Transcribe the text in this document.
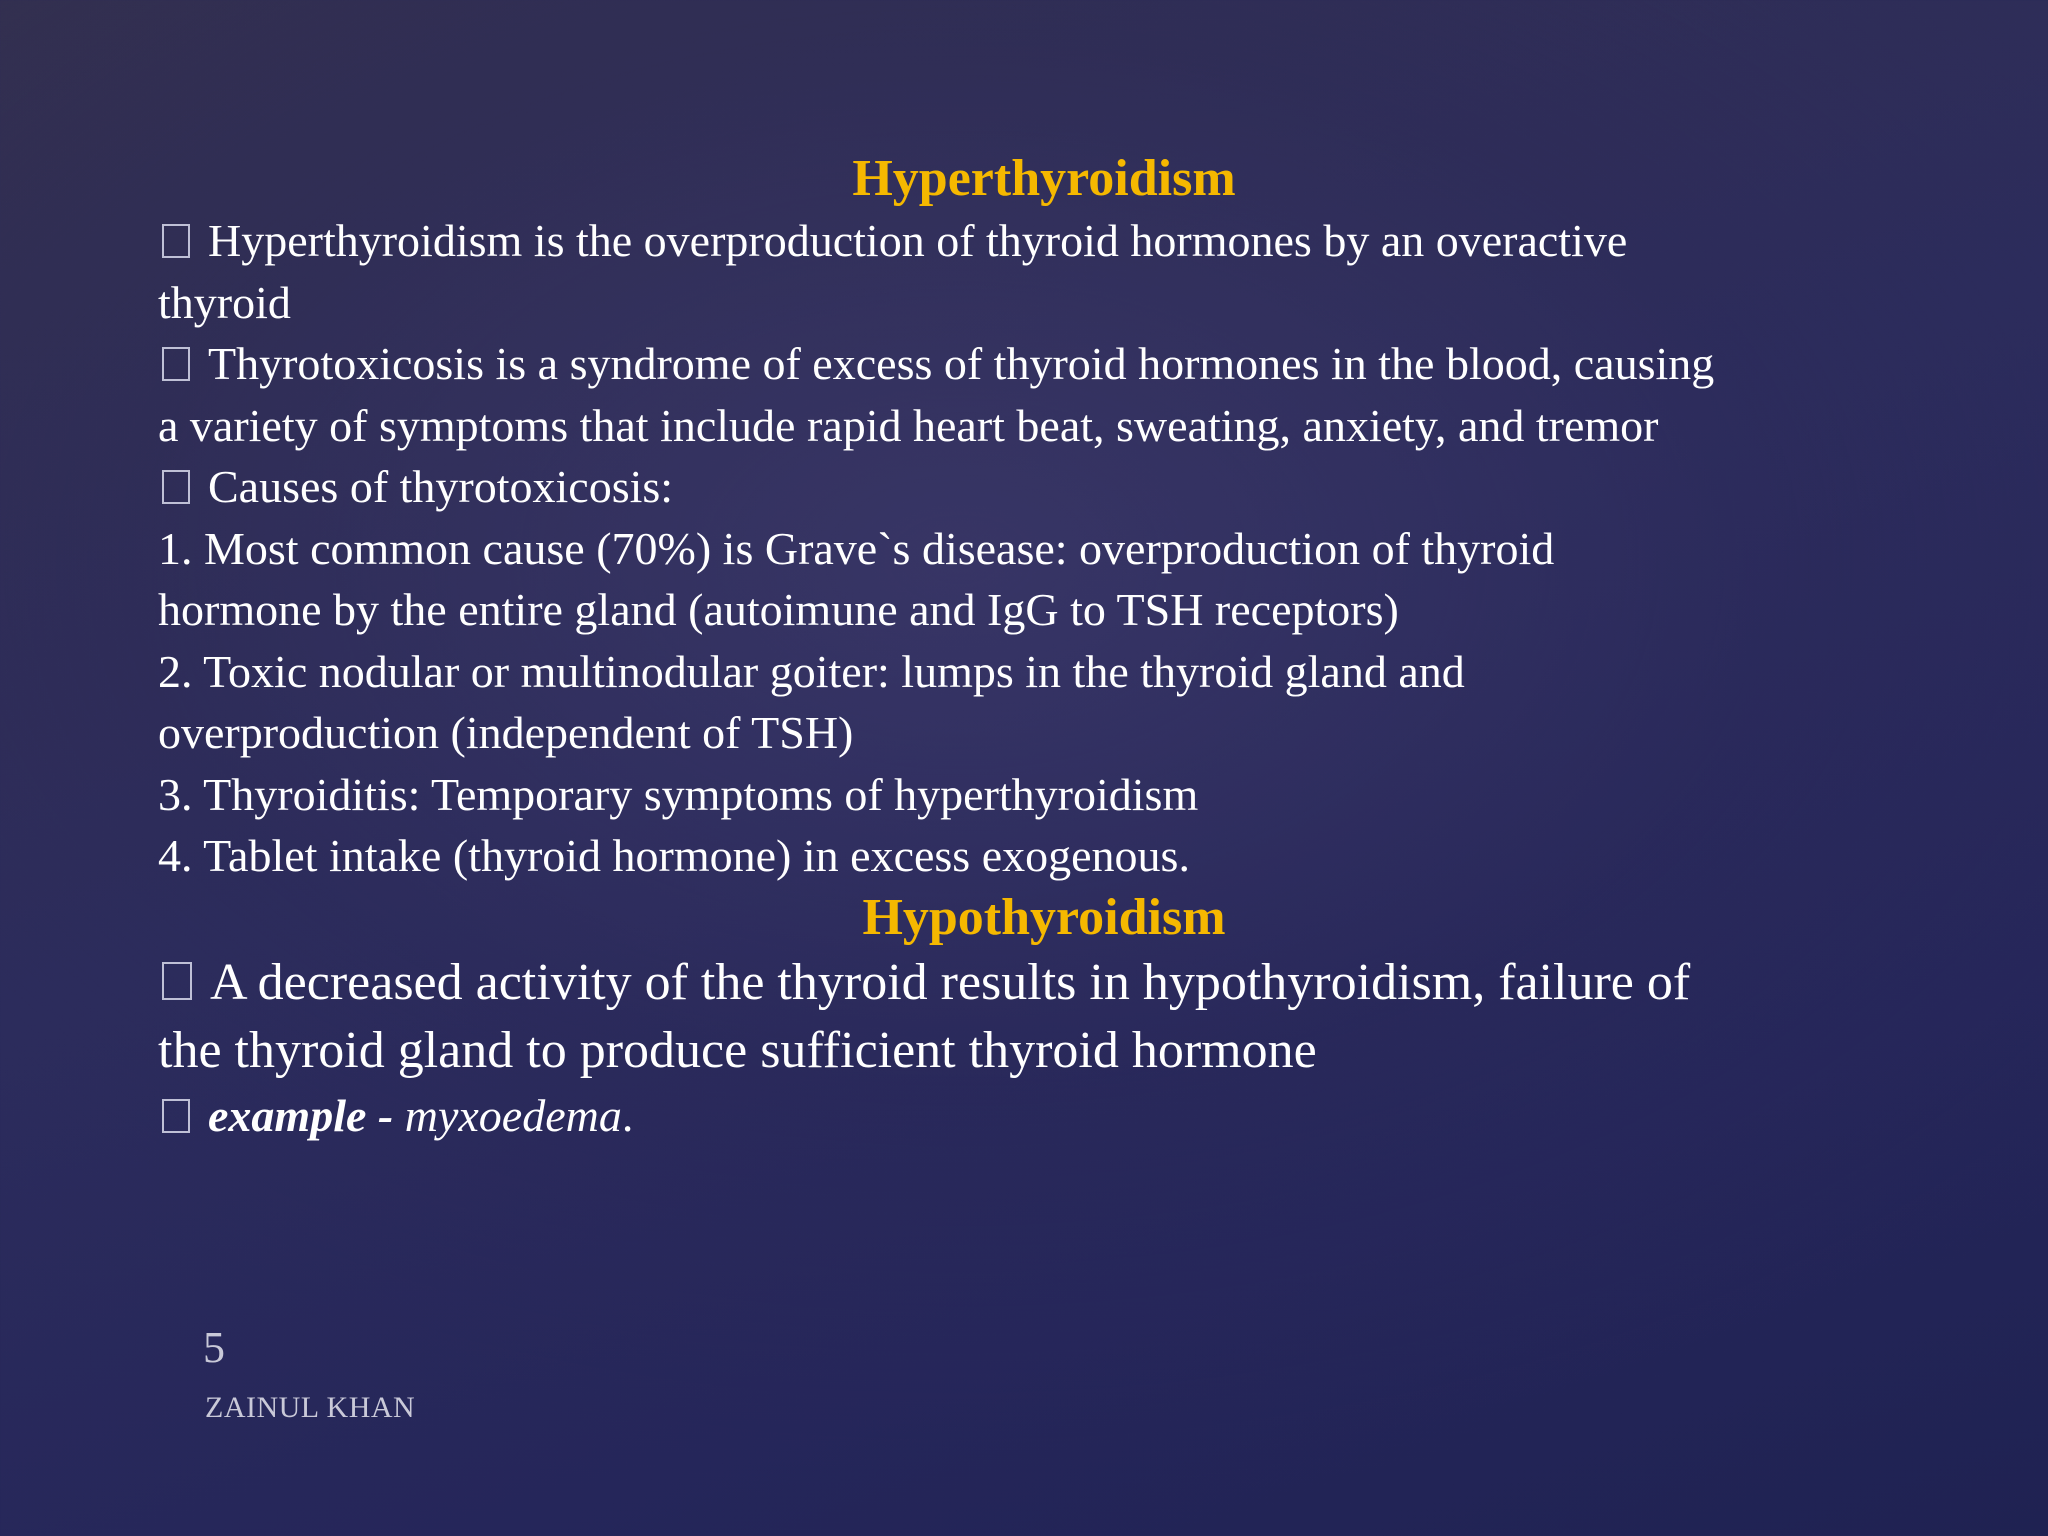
Hyperthyroidism
Hyperthyroidism is the overproduction of thyroid hormones by an overactive
thyroid
Thyrotoxicosis is a syndrome of excess of thyroid hormones in the blood, causing
a variety of symptoms that include rapid heart beat, sweating, anxiety, and tremor
Causes of thyrotoxicosis:
1. Most common cause (70%) is Grave`s disease: overproduction of thyroid
hormone by the entire gland (autoimune and IgG to TSH receptors)
2. Toxic nodular or multinodular goiter: lumps in the thyroid gland and
overproduction (independent of TSH)
3. Thyroiditis: Temporary symptoms of hyperthyroidism
4. Tablet intake (thyroid hormone) in excess exogenous.
Hypothyroidism
A decreased activity of the thyroid results in hypothyroidism, failure of
the thyroid gland to produce sufficient thyroid hormone
example - myxoedema.
5
ZAINUL KHAN
